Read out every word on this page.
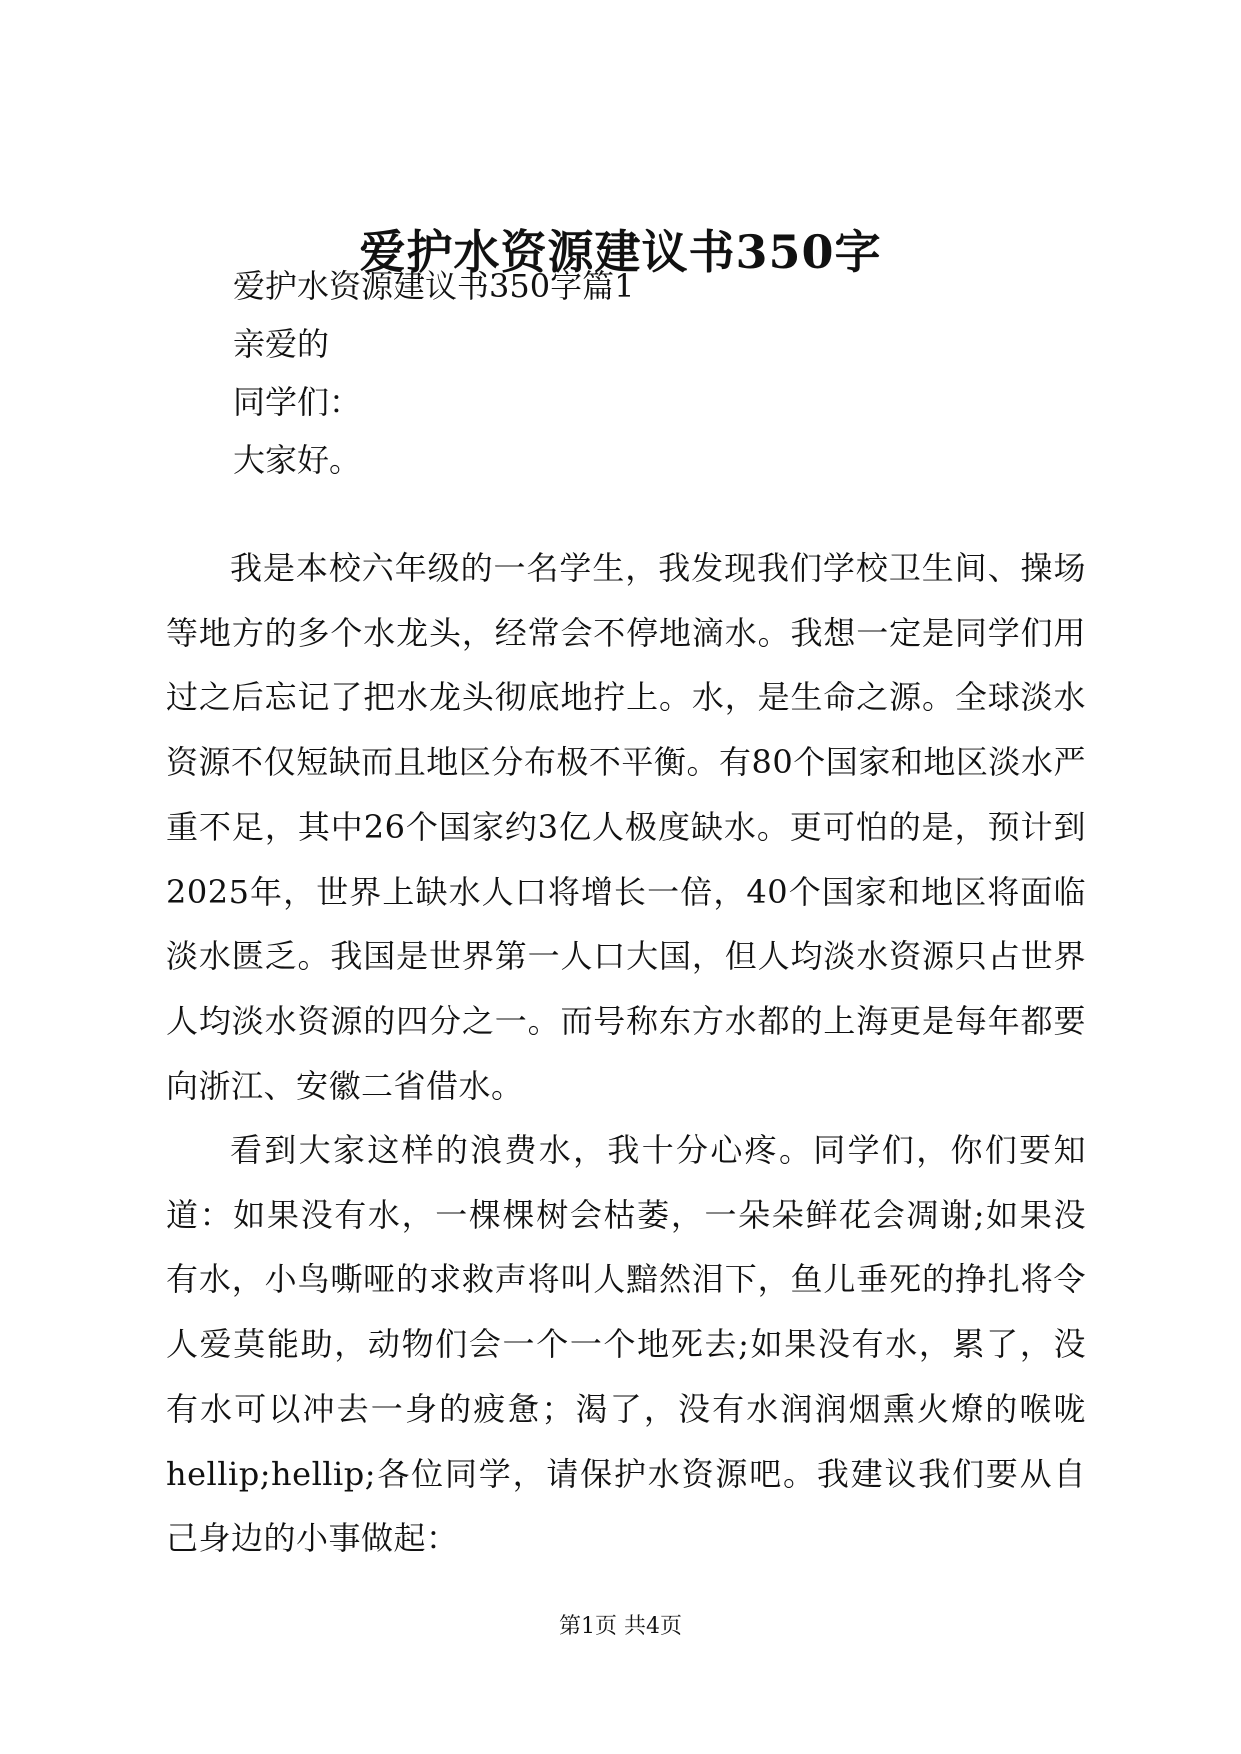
爱护水资源建议书350字
爱护水资源建议书350字篇1
亲爱的
同学们：
大家好。

我是本校六年级的一名学生，我发现我们学校卫生间、操场等地方的多个水龙头，经常会不停地滴水。我想一定是同学们用过之后忘记了把水龙头彻底地拧上。水，是生命之源。全球淡水资源不仅短缺而且地区分布极不平衡。有80个国家和地区淡水严重不足，其中26个国家约3亿人极度缺水。更可怕的是，预计到2025年，世界上缺水人口将增长一倍，40个国家和地区将面临淡水匮乏。我国是世界第一人口大国，但人均淡水资源只占世界人均淡水资源的四分之一。而号称东方水都的上海更是每年都要向浙江、安徽二省借水。

看到大家这样的浪费水，我十分心疼。同学们，你们要知道：如果没有水，一棵棵树会枯萎，一朵朵鲜花会凋谢;如果没有水，小鸟嘶哑的求救声将叫人黯然泪下，鱼儿垂死的挣扎将令人爱莫能助，动物们会一个一个地死去;如果没有水，累了，没有水可以冲去一身的疲惫；渴了，没有水润润烟熏火燎的喉咙hellip;hellip;各位同学，请保护水资源吧。我建议我们要从自己身边的小事做起：

第1页 共4页
